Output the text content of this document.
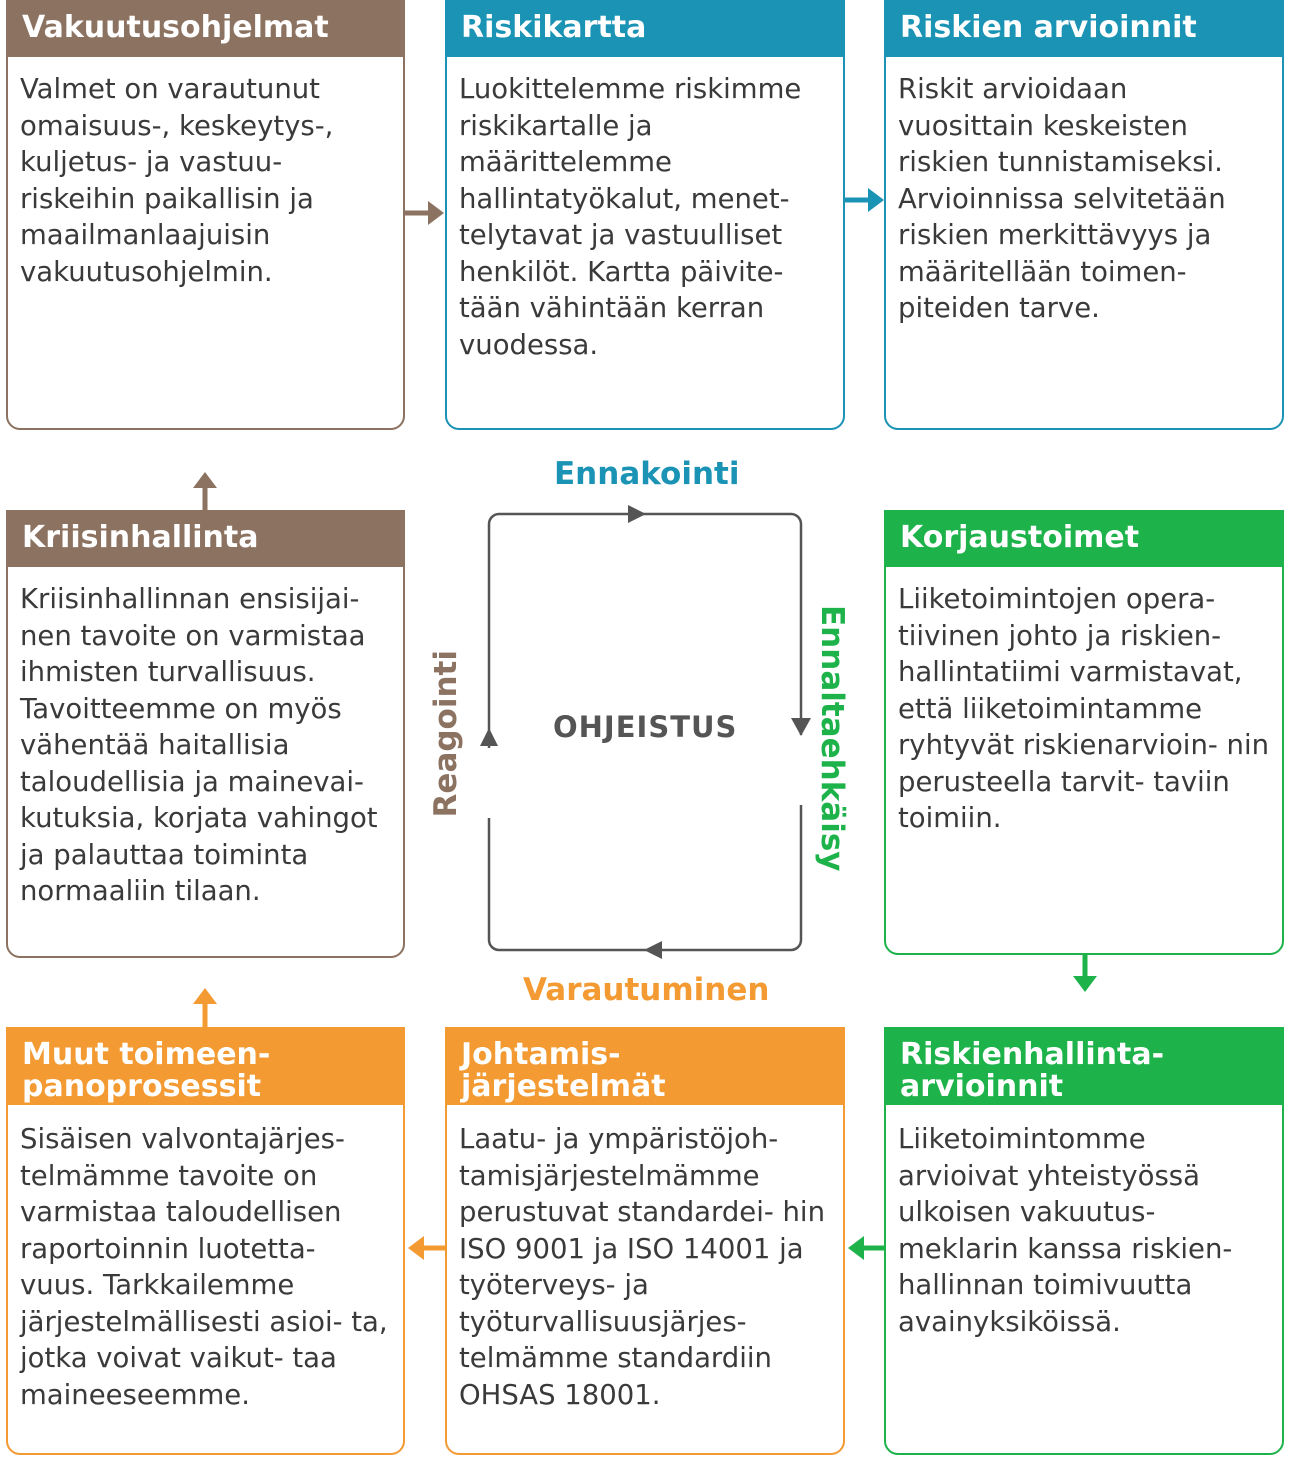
Vakuutusohjelmat
Valmet on varautunut omaisuus-, keskeytys-, kuljetus- ja vastuu- riskeihin paikallisin ja maailmanlaajuisin vakuutusohjelmin.
Riskikartta
Luokittelemme riskimme riskikartalle ja määrittelemme hallintatyökalut, menet- telytavat ja vastuulliset henkilöt. Kartta päivite- tään vähintään kerran vuodessa.
Riskien arvioinnit
Riskit arvioidaan vuosittain keskeisten riskien tunnistamiseksi. Arvioinnissa selvitetään riskien merkittävyys ja määritellään toimen- piteiden tarve.
Kriisinhallinta
Kriisinhallinnan ensisijai- nen tavoite on varmistaa ihmisten turvallisuus. Tavoitteemme on myös vähentää haitallisia taloudellisia ja mainevai- kutuksia, korjata vahingot ja palauttaa toiminta normaaliin tilaan.
Korjaustoimet
Liiketoimintojen opera- tiivinen johto ja riskien- hallintatiimi varmistavat, että liiketoimintamme ryhtyvät riskienarvioin- nin perusteella tarvit- taviin toimiin.
Muut toimeen- panoprosessit
Sisäisen valvontajärjes- telmämme tavoite on varmistaa taloudellisen raportoinnin luotetta- vuus. Tarkkailemme järjestelmällisesti asioi- ta, jotka voivat vaikut- taa maineeseemme.
Johtamis- järjestelmät
Laatu- ja ympäristöjoh- tamisjärjestelmämme perustuvat standardei- hin ISO 9001 ja ISO 14001 ja työterveys- ja työturvallisuusjärjes- telmämme standardiin OHSAS 18001.
Riskienhallinta- arvioinnit
Liiketoimintomme arvioivat yhteistyössä ulkoisen vakuutus- meklarin kanssa riskien- hallinnan toimivuutta avainyksiköissä.
Ennakointi
Varautuminen
Ennaltaehkäisy
Reagointi	OHJEISTUS
